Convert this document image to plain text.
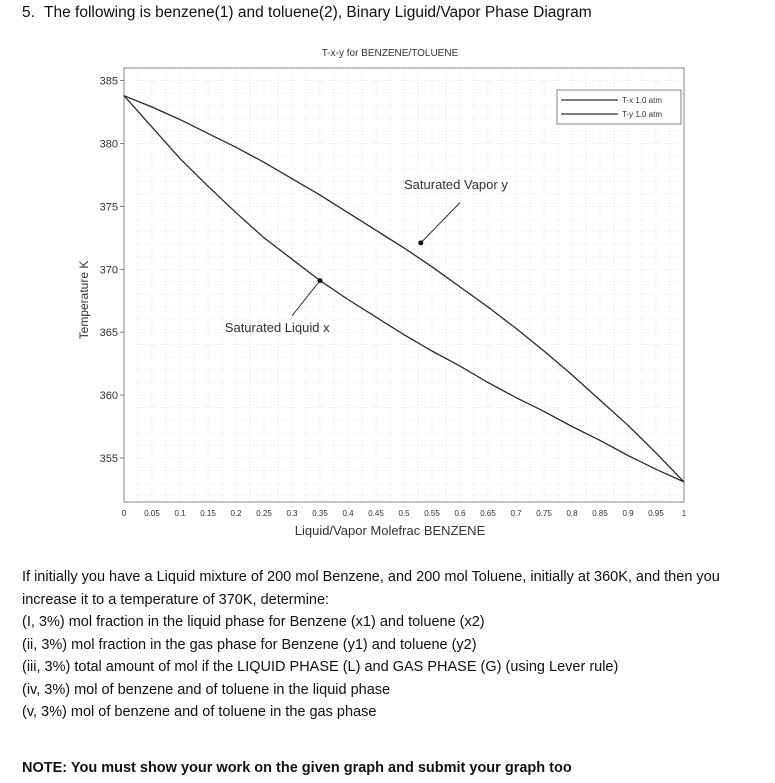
5. The following is benzene(1) and toluene(2), Binary Liguid/Vapor Phase Diagram
T-x-y for BENZENE/TOLUENE
355
360
365
370
375
380
385
0 0.05 0.1 0.15 0.2 0.25 0.3 0.35 0.4 0.45 0.5 0.55 0.6 0.65 0.7 0.75 0.8 0.85 0.9 0.95 1
Saturated Vapor y
Saturated Liquid x
T-x 1.0 atm
T-y 1.0 atm
Liquid/Vapor Molefrac BENZENE
Temperature K

If initially you have a Liquid mixture of 200 mol Benzene, and 200 mol Toluene, initially at 360K, and then you increase it to a temperature of 370K, determine:

(I, 3%) mol fraction in the liquid phase for Benzene (x1) and toluene (x2)

(ii, 3%) mol fraction in the gas phase for Benzene (y1) and toluene (y2)

(iii, 3%) total amount of mol if the LIQUID PHASE (L) and GAS PHASE (G) (using Lever rule)

(iv, 3%) mol of benzene and of toluene in the liquid phase

(v, 3%) mol of benzene and of toluene in the gas phase

NOTE: You must show your work on the given graph and submit your graph too
